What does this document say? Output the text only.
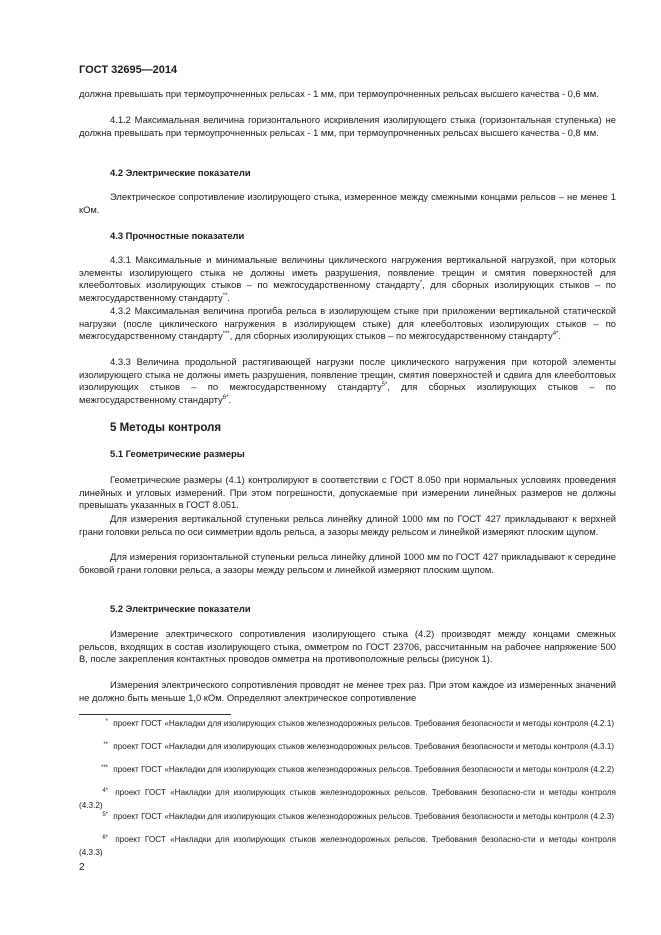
ГОСТ 32695—2014
должна превышать при термоупрочненных рельсах - 1 мм, при термоупрочненных рельсах высшего качества - 0,6 мм.
4.1.2 Максимальная величина горизонтального искривления изолирующего стыка (горизонтальная ступенька) не должна превышать при термоупрочненных рельсах - 1 мм, при термоупрочненных рельсах высшего качества - 0,8 мм.
4.2 Электрические показатели
Электрическое сопротивление изолирующего стыка, измеренное между смежными концами рельсов – не менее 1 кОм.
4.3 Прочностные показатели
4.3.1 Максимальные и минимальные величины циклического нагружения вертикальной нагрузкой, при которых элементы изолирующего стыка не должны иметь разрушения, появление трещин и смятия поверхностей для клееболтовых изолирующих стыков – по межгосударственному стандарту*, для сборных изолирующих стыков – по межгосударственному стандарту**.
4.3.2 Максимальная величина прогиба рельса в изолирующем стыке при приложении вертикальной статической нагрузки (после циклического нагружения в изолирующем стыке) для клееболтовых изолирующих стыков – по межгосударственному стандарту***, для сборных изолирующих стыков – по межгосударственному стандарту$^{4*}$.
4.3.3 Величина продольной растягивающей нагрузки после циклического нагружения при которой элементы изолирующего стыка не должны иметь разрушения, появление трещин, смятия поверхностей и сдвига для клееболтовых изолирующих стыков – по межгосударственному стандарту$^{5*}$, для сборных изолирующих стыков – по межгосударственному стандарту$^{6*}$.
5 Методы контроля
5.1 Геометрические размеры
Геометрические размеры (4.1) контролируют в соответствии с ГОСТ 8.050 при нормальных условиях проведения линейных и угловых измерений. При этом погрешности, допускаемые при измерении линейных размеров не должны превышать указанных в ГОСТ 8.051.
Для измерения вертикальной ступеньки рельса линейку длиной 1000 мм по ГОСТ 427 прикладывают к верхней грани головки рельса по оси симметрии вдоль рельса, а зазоры между рельсом и линейкой измеряют плоским щупом.
Для измерения горизонтальной ступеньки рельса линейку длиной 1000 мм по ГОСТ 427 прикладывают к середине боковой грани головки рельса, а зазоры между рельсом и линейкой измеряют плоским щупом.
5.2 Электрические показатели
Измерение электрического сопротивления изолирующего стыка (4.2) производят между концами смежных рельсов, входящих в состав изолирующего стыка, омметром по ГОСТ 23706, рассчитанным на рабочее напряжение 500 В, после закрепления контактных проводов омметра на противоположные рельсы (рисунок 1).
Измерения электрического сопротивления проводят не менее трех раз. При этом каждое из измеренных значений не должно быть меньше 1,0 кОм. Определяют электрическое сопротивление
* проект ГОСТ «Накладки для изолирующих стыков железнодорожных рельсов. Требования безопасности и методы контроля (4.2.1)
** проект ГОСТ «Накладки для изолирующих стыков железнодорожных рельсов. Требования безопасности и методы контроля (4.3.1)
*** проект ГОСТ «Накладки для изолирующих стыков железнодорожных рельсов. Требования безопасности и методы контроля (4.2.2)
4* проект ГОСТ «Накладки для изолирующих стыков железнодорожных рельсов. Требования безопасно-сти и методы контроля (4.3.2)
5* проект ГОСТ «Накладки для изолирующих стыков железнодорожных рельсов. Требования безопасности и методы контроля (4.2.3)
6* проект ГОСТ «Накладки для изолирующих стыков железнодорожных рельсов. Требования безопасно-сти и методы контроля (4.3.3)
2
